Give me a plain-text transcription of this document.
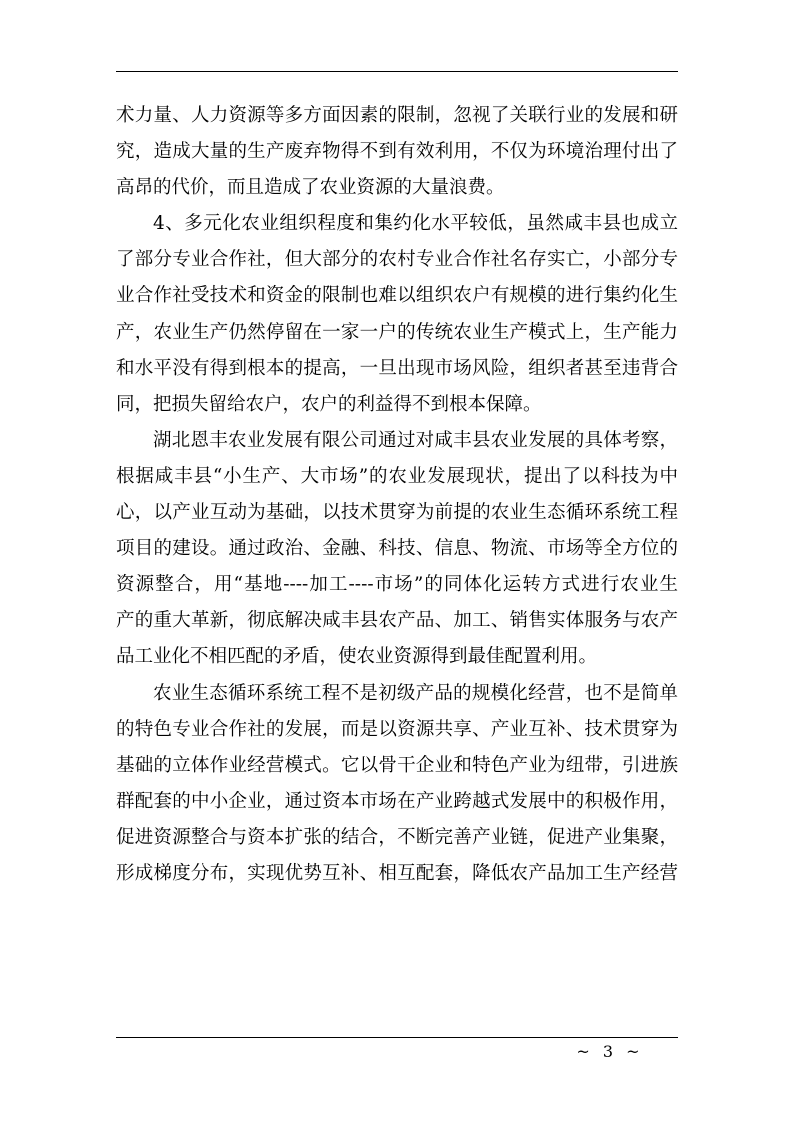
术力量、人力资源等多方面因素的限制，忽视了关联行业的发展和研
究，造成大量的生产废弃物得不到有效利用，不仅为环境治理付出了
高昂的代价，而且造成了农业资源的大量浪费。
4、多元化农业组织程度和集约化水平较低，虽然咸丰县也成立
了部分专业合作社，但大部分的农村专业合作社名存实亡，小部分专
业合作社受技术和资金的限制也难以组织农户有规模的进行集约化生
产，农业生产仍然停留在一家一户的传统农业生产模式上，生产能力
和水平没有得到根本的提高，一旦出现市场风险，组织者甚至违背合
同，把损失留给农户，农户的利益得不到根本保障。
湖北恩丰农业发展有限公司通过对咸丰县农业发展的具体考察，
根据咸丰县“小生产、大市场”的农业发展现状，提出了以科技为中
心，以产业互动为基础，以技术贯穿为前提的农业生态循环系统工程
项目的建设。通过政治、金融、科技、信息、物流、市场等全方位的
资源整合，用“基地----加工----市场”的同体化运转方式进行农业生
产的重大革新，彻底解决咸丰县农产品、加工、销售实体服务与农产
品工业化不相匹配的矛盾，使农业资源得到最佳配置利用。
农业生态循环系统工程不是初级产品的规模化经营，也不是简单
的特色专业合作社的发展，而是以资源共享、产业互补、技术贯穿为
基础的立体作业经营模式。它以骨干企业和特色产业为纽带，引进族
群配套的中小企业，通过资本市场在产业跨越式发展中的积极作用，
促进资源整合与资本扩张的结合，不断完善产业链，促进产业集聚，
形成梯度分布，实现优势互补、相互配套，降低农产品加工生产经营
~ 3 ~
